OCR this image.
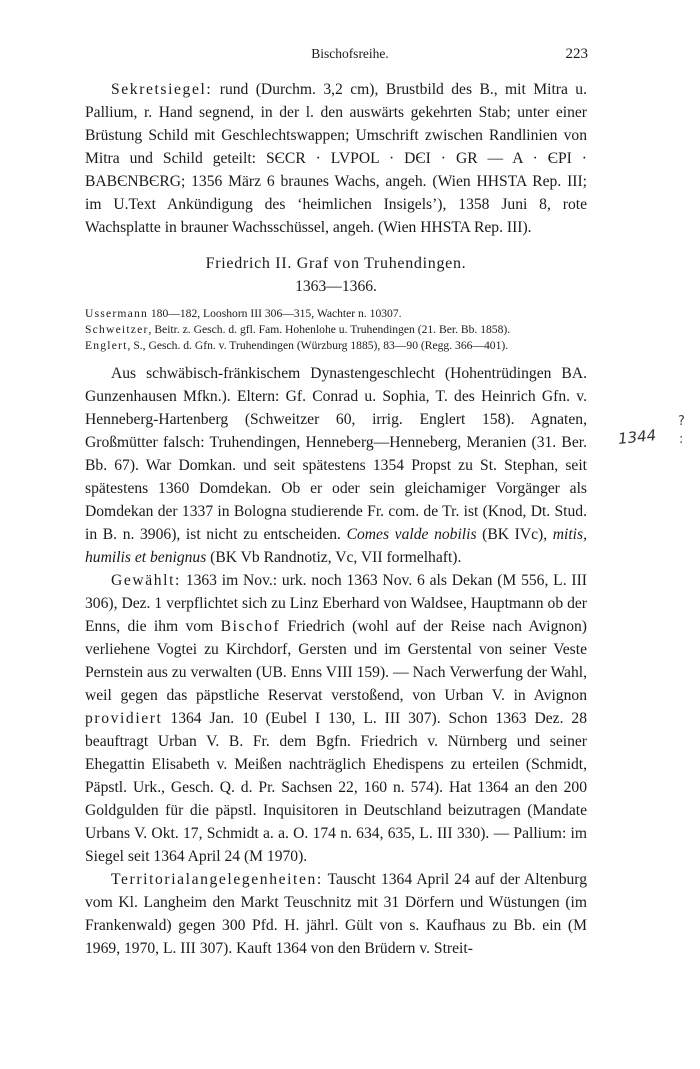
Bischofsreihe.	223

Sekretsiegel: rund (Durchm. 3,2 cm), Brustbild des B., mit Mitra u. Pallium, r. Hand segnend, in der l. den auswärts gekehrten Stab; unter einer Brüstung Schild mit Geschlechtswappen; Umschrift zwischen Randlinien von Mitra und Schild geteilt: SЄCR · LVPOL · DЄI · GR — A · ЄPI · BABЄNBЄRG; 1356 März 6 braunes Wachs, angeh. (Wien HHSTA Rep. III; im U.Text Ankündigung des ‘heimlichen Insigels’), 1358 Juni 8, rote Wachsplatte in brauner Wachsschüssel, angeh. (Wien HHSTA Rep. III).

Friedrich II. Graf von Truhendingen.
1363—1366.
Ussermann 180—182, Looshorn III 306—315, Wachter n. 10307.
Schweitzer, Beitr. z. Gesch. d. gfl. Fam. Hohenlohe u. Truhendingen (21. Ber. Bb. 1858).
Englert, S., Gesch. d. Gfn. v. Truhendingen (Würzburg 1885), 83—90 (Regg. 366—401).

Aus schwäbisch-fränkischem Dynastengeschlecht (Hohentrüdingen BA. Gunzenhausen Mfkn.). Eltern: Gf. Conrad u. Sophia, T. des Heinrich Gfn. v. Henneberg-Hartenberg (Schweitzer 60, irrig. Englert 158). Agnaten, Großmütter falsch: Truhendingen, Henneberg—Henneberg, Meranien (31. Ber. Bb. 67). War Domkan. und seit spätestens 1354 Propst zu St. Stephan, seit spätestens 1360 Domdekan. Ob er oder sein gleichamiger Vorgänger als Domdekan der 1337 in Bologna studierende Fr. com. de Tr. ist (Knod, Dt. Stud. in B. n. 3906), ist nicht zu entscheiden. Comes valde nobilis (BK IVc), mitis, humilis et benignus (BK Vb Randnotiz, Vc, VII formelhaft).

Gewählt: 1363 im Nov.: urk. noch 1363 Nov. 6 als Dekan (M 556, L. III 306), Dez. 1 verpflichtet sich zu Linz Eberhard von Waldsee, Hauptmann ob der Enns, die ihm vom Bischof Friedrich (wohl auf der Reise nach Avignon) verliehene Vogtei zu Kirchdorf, Gersten und im Gerstental von seiner Veste Pernstein aus zu verwalten (UB. Enns VIII 159). — Nach Verwerfung der Wahl, weil gegen das päpstliche Reservat verstoßend, von Urban V. in Avignon providiert 1364 Jan. 10 (Eubel I 130, L. III 307). Schon 1363 Dez. 28 beauftragt Urban V. B. Fr. dem Bgfn. Friedrich v. Nürnberg und seiner Ehegattin Elisabeth v. Meißen nachträglich Ehedispens zu erteilen (Schmidt, Päpstl. Urk., Gesch. Q. d. Pr. Sachsen 22, 160 n. 574). Hat 1364 an den 200 Goldgulden für die päpstl. Inquisitoren in Deutschland beizutragen (Mandate Urbans V. Okt. 17, Schmidt a. a. O. 174 n. 634, 635, L. III 330). — Pallium: im Siegel seit 1364 April 24 (M 1970).

Territorialangelegenheiten: Tauscht 1364 April 24 auf der Altenburg vom Kl. Langheim den Markt Teuschnitz mit 31 Dörfern und Wüstungen (im Frankenwald) gegen 300 Pfd. H. jährl. Gült von s. Kaufhaus zu Bb. ein (M 1969, 1970, L. III 307). Kauft 1364 von den Brüdern v. Streit-

1344
?
:
